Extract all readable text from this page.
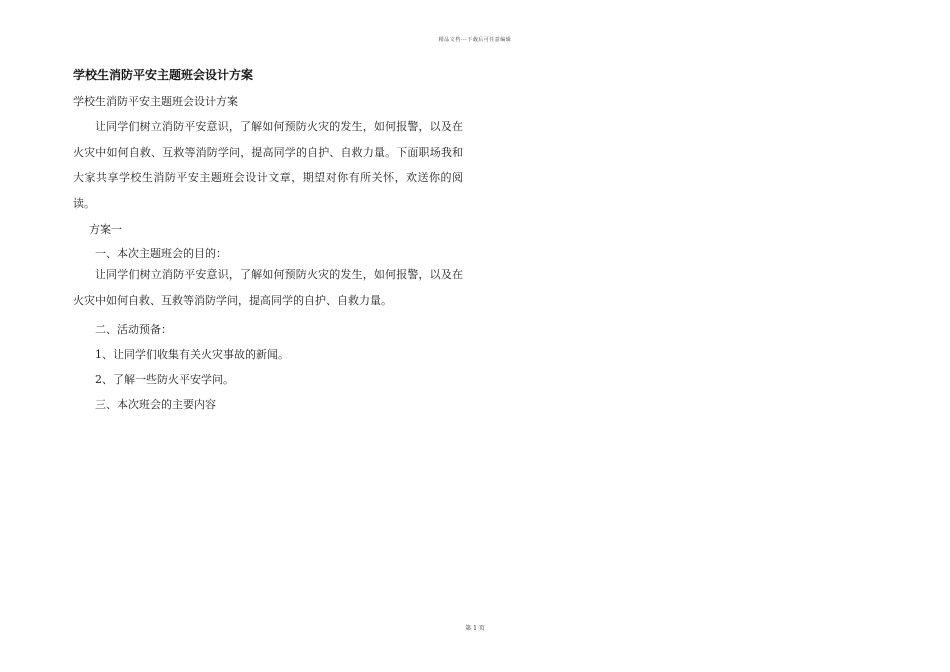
精品文档---下载后可任意编辑
学校生消防平安主题班会设计方案
学校生消防平安主题班会设计方案
让同学们树立消防平安意识，了解如何预防火灾的发生，如何报警，以及在火灾中如何自救、互救等消防学问，提高同学的自护、自救力量。下面职场我和大家共享学校生消防平安主题班会设计文章，期望对你有所关怀，欢送你的阅读。
方案一
一、本次主题班会的目的：
让同学们树立消防平安意识，了解如何预防火灾的发生，如何报警，以及在火灾中如何自救、互救等消防学问，提高同学的自护、自救力量。
二、活动预备：
1、让同学们收集有关火灾事故的新闻。
2、了解一些防火平安学问。
三、本次班会的主要内容
第 1 页
